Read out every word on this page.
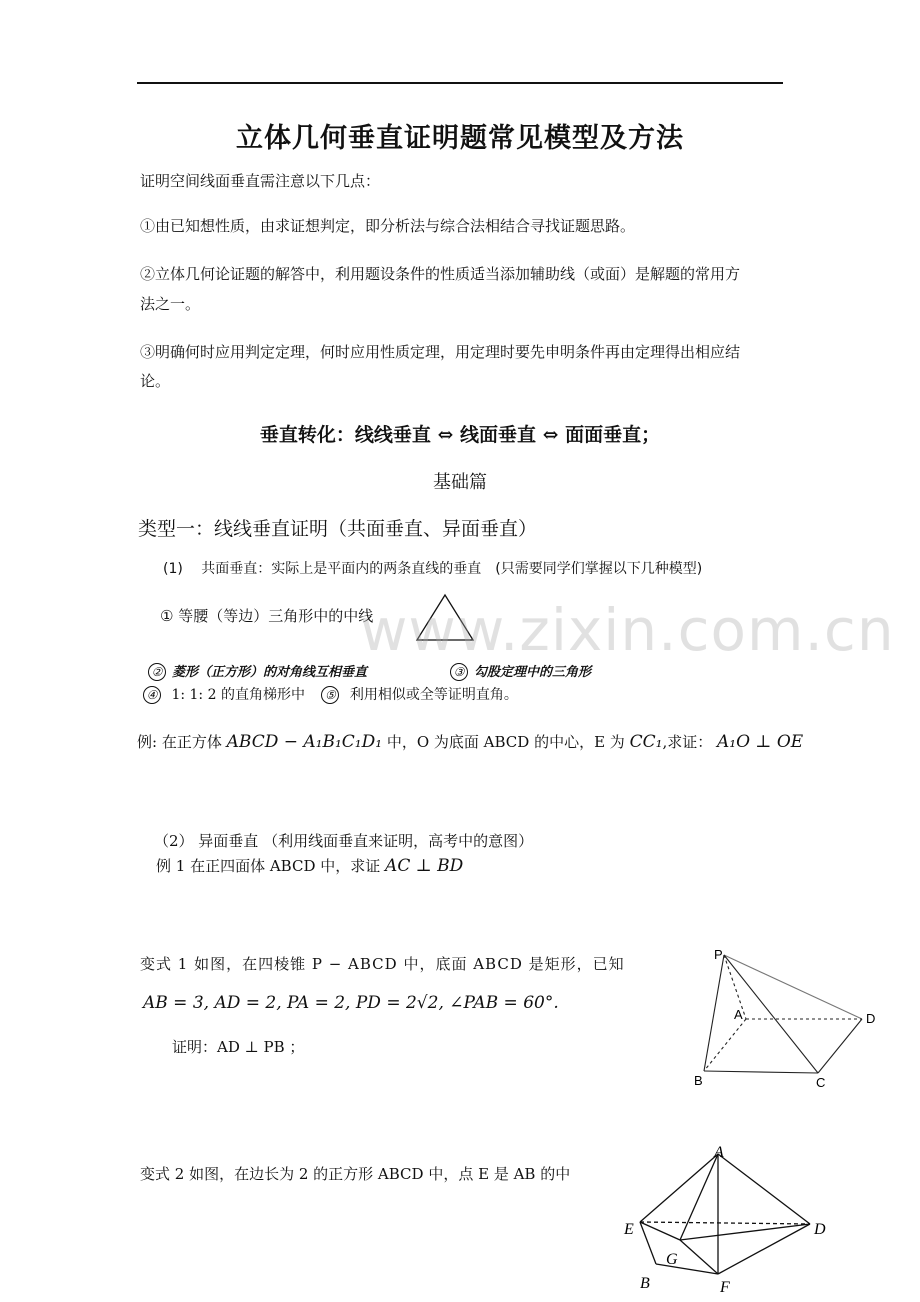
立体几何垂直证明题常见模型及方法
证明空间线面垂直需注意以下几点：
①由已知想性质，由求证想判定，即分析法与综合法相结合寻找证题思路。
②立体几何论证题的解答中，利用题设条件的性质适当添加辅助线（或面）是解题的常用方
法之一。
③明确何时应用判定定理，何时应用性质定理，用定理时要先申明条件再由定理得出相应结
论。
垂直转化：线线垂直 ⇔ 线面垂直 ⇔ 面面垂直；
基础篇
类型一：线线垂直证明（共面垂直、异面垂直）
(1)　 共面垂直：实际上是平面内的两条直线的垂直　(只需要同学们掌握以下几种模型)
① 等腰（等边）三角形中的中线
www.zixin.com.cn
② 菱形（正方形）的对角线互相垂直	③ 勾股定理中的三角形
④ 1: 1: 2 的直角梯形中 ⑤ 利用相似或全等证明直角。
例: 在正方体 ABCD − A₁B₁C₁D₁ 中，O 为底面 ABCD 的中心，E 为 CC₁,求证： A₁O ⊥ OE
（2） 异面垂直 （利用线面垂直来证明，高考中的意图）
例 1 在正四面体 ABCD 中，求证 AC ⊥ BD
变式 1 如图，在四棱锥 P − ABCD 中，底面 ABCD 是矩形，已知
AB = 3, AD = 2, PA = 2, PD = 2√2, ∠PAB = 60°.
证明：AD ⊥ PB ；
P
A	D
B	C
变式 2 如图，在边长为 2 的正方形 ABCD 中，点 E 是 AB 的中
A
E	D
G
B	F
